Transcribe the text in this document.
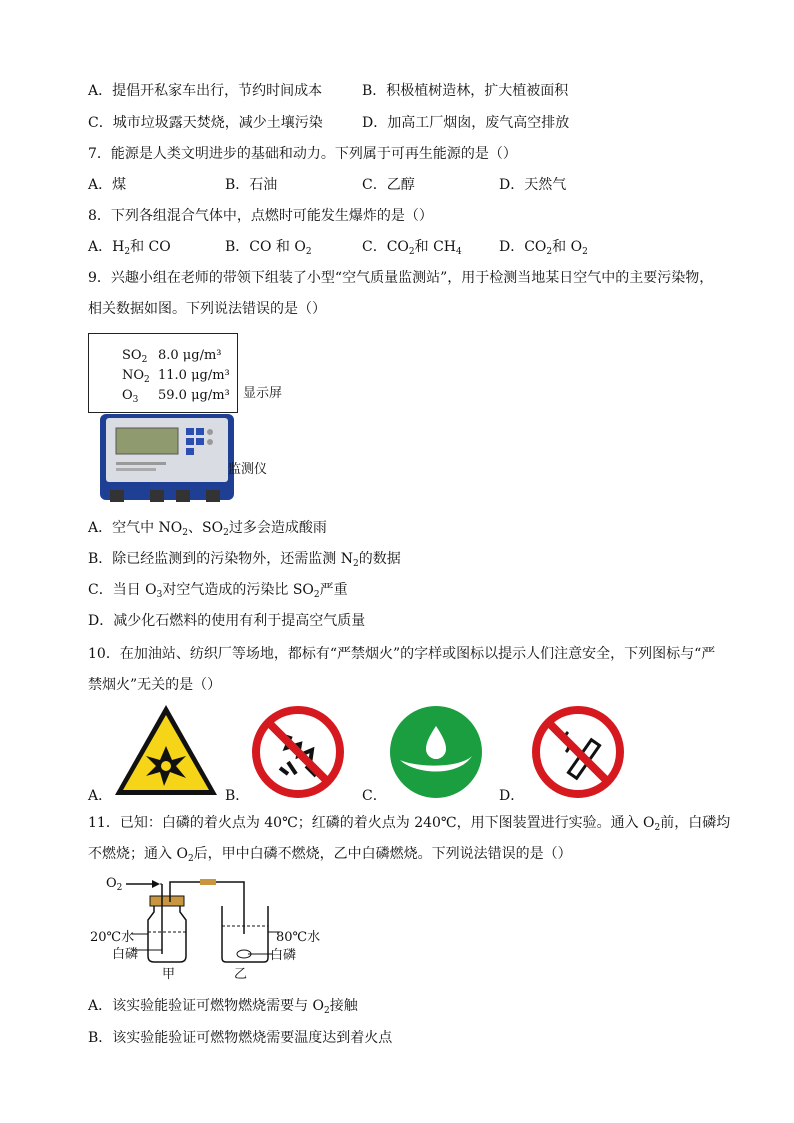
A．提倡开私家车出行，节约时间成本	B．积极植树造林，扩大植被面积
C．城市垃圾露天焚烧，减少土壤污染	D．加高工厂烟囱，废气高空排放
7．能源是人类文明进步的基础和动力。下列属于可再生能源的是（）
A．煤	B．石油	C．乙醇	D．天然气
8．下列各组混合气体中，点燃时可能发生爆炸的是（）
A．$H_2$和 CO	B．CO 和 $O_2$	C．$CO_2$和 $CH_4$	D．$CO_2$和 $O_2$
9．兴趣小组在老师的带领下组装了小型“空气质量监测站”，用于检测当地某日空气中的主要污染物，
相关数据如图。下列说法错误的是（）
$SO_2$ 8.0 μg/m³
$NO_2$ 11.0 μg/m³
$O_3$ 59.0 μg/m³ 显示屏
监测仪
A．空气中 $NO_2$、$SO_2$过多会造成酸雨
B．除已经监测到的污染物外，还需监测 $N_2$的数据
C．当日 $O_3$对空气造成的污染比 $SO_2$严重
D．减少化石燃料的使用有利于提高空气质量
10．在加油站、纺织厂等场地，都标有“严禁烟火”的字样或图标以提示人们注意安全，下列图标与“严
禁烟火”无关的是（）
A．	B．	C．	D．
11．已知：白磷的着火点为 40℃；红磷的着火点为 240℃，用下图装置进行实验。通入 $O_2$前，白磷均
不燃烧；通入 $O_2$后，甲中白磷不燃烧，乙中白磷燃烧。下列说法错误的是（）
$O_2$
20℃水
白磷
甲
80℃水
白磷
乙
A．该实验能验证可燃物燃烧需要与 $O_2$接触
B．该实验能验证可燃物燃烧需要温度达到着火点
